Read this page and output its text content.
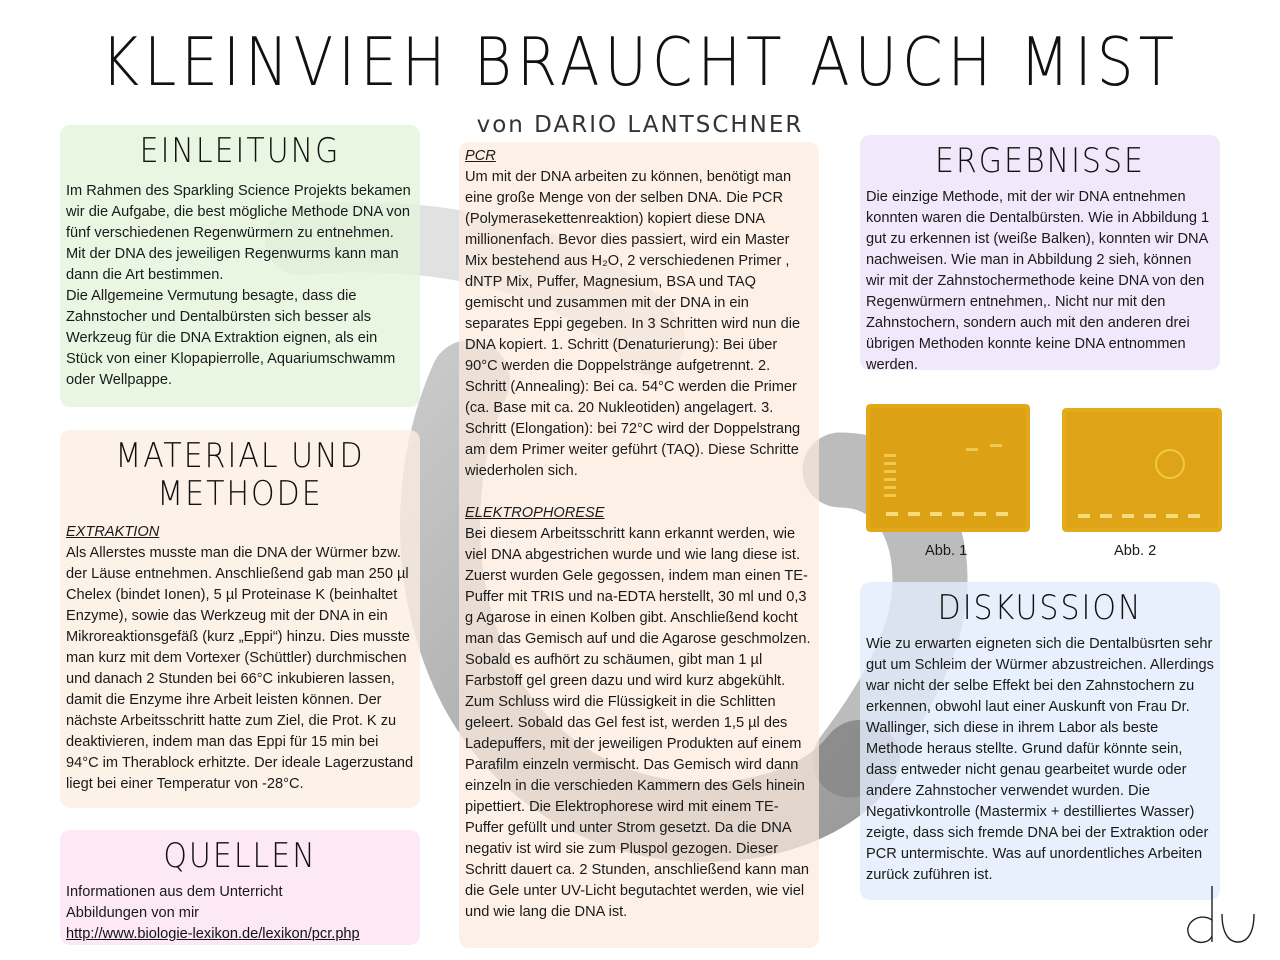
KLEINVIEH BRAUCHT AUCH MIST
von DARIO LANTSCHNER
EINLEITUNG
Im Rahmen des Sparkling Science Projekts bekamen wir die Aufgabe, die best mögliche Methode DNA von fünf verschiedenen Regenwürmern zu entnehmen. Mit der DNA des jeweiligen Regenwurms kann man dann die Art bestimmen.
Die Allgemeine Vermutung besagte, dass die Zahnstocher und Dentalbürsten sich besser als Werkzeug für die DNA Extraktion eignen, als ein Stück von einer Klopapierrolle, Aquariumschwamm oder Wellpappe.
MATERIAL UND
METHODE
EXTRAKTION
Als Allerstes musste man die DNA der Würmer bzw. der Läuse entnehmen. Anschließend gab man 250 µl Chelex (bindet Ionen), 5 µl Proteinase K (beinhaltet Enzyme), sowie das Werkzeug mit der DNA in ein Mikroreaktionsgefäß (kurz „Eppi“) hinzu. Dies musste man kurz mit dem Vortexer (Schüttler) durchmischen und danach 2 Stunden bei 66°C inkubieren lassen, damit die Enzyme ihre Arbeit leisten können. Der nächste Arbeitsschritt hatte zum Ziel, die Prot. K zu deaktivieren, indem man das Eppi für 15 min bei 94°C im Therablock erhitzte. Der ideale Lagerzustand liegt bei einer Temperatur von -28°C.
QUELLEN
Informationen aus dem Unterricht
Abbildungen von mir
http://www.biologie-lexikon.de/lexikon/pcr.php
PCR
Um mit der DNA arbeiten zu können, benötigt man eine große Menge von der selben DNA. Die PCR (Polymerasekettenreaktion) kopiert diese DNA millionenfach. Bevor dies passiert, wird ein Master Mix bestehend aus H₂O, 2 verschiedenen Primer , dNTP Mix, Puffer, Magnesium, BSA und TAQ gemischt und zusammen mit der DNA in ein separates Eppi gegeben. In 3 Schritten wird nun die DNA kopiert. 1. Schritt (Denaturierung): Bei über 90°C werden die Doppelstränge aufgetrennt. 2. Schritt (Annealing): Bei ca. 54°C werden die Primer (ca. Base mit ca. 20 Nukleotiden) angelagert. 3. Schritt (Elongation): bei 72°C wird der Doppelstrang am dem Primer weiter geführt (TAQ). Diese Schritte wiederholen sich.
ELEKTROPHORESE
Bei diesem Arbeitsschritt kann erkannt werden, wie viel DNA abgestrichen wurde und wie lang diese ist. Zuerst wurden Gele gegossen, indem man einen TE-Puffer mit TRIS und na-EDTA herstellt, 30 ml und 0,3 g Agarose in einen Kolben gibt. Anschließend kocht man das Gemisch auf und die Agarose geschmolzen. Sobald es aufhört zu schäumen, gibt man 1 µl Farbstoff gel green dazu und wird kurz abgekühlt. Zum Schluss wird die Flüssigkeit in die Schlitten geleert. Sobald das Gel fest ist, werden 1,5 µl des Ladepuffers, mit der jeweiligen Produkten auf einem Parafilm einzeln vermischt. Das Gemisch wird dann einzeln in die verschieden Kammern des Gels hinein pipettiert. Die Elektrophorese wird mit einem TE-Puffer gefüllt und unter Strom gesetzt. Da die DNA negativ ist wird sie zum Pluspol gezogen. Dieser Schritt dauert ca. 2 Stunden, anschließend kann man die Gele unter UV-Licht begutachtet werden, wie viel und wie lang die DNA ist.
ERGEBNISSE
Die einzige Methode, mit der wir DNA entnehmen konnten waren die Dentalbürsten. Wie in Abbildung 1 gut zu erkennen ist (weiße Balken), konnten wir DNA nachweisen. Wie man in Abbildung 2 sieh, können wir mit der Zahnstochermethode keine DNA von den Regenwürmern entnehmen,. Nicht nur mit den Zahnstochern, sondern auch mit den anderen drei übrigen Methoden konnte keine DNA entnommen werden.
Abb. 1	Abb. 2
DISKUSSION
Wie zu erwarten eigneten sich die Dentalbüsrten sehr gut um Schleim der Würmer abzustreichen. Allerdings war nicht der selbe Effekt bei den Zahnstochern zu erkennen, obwohl laut einer Auskunft von Frau Dr. Wallinger, sich diese in ihrem Labor als beste Methode heraus stellte. Grund dafür könnte sein, dass entweder nicht genau gearbeitet wurde oder andere Zahnstocher verwendet wurden. Die Negativkontrolle (Mastermix + destilliertes Wasser) zeigte, dass sich fremde DNA bei der Extraktion oder PCR untermischte. Was auf unordentliches Arbeiten zurück zuführen ist.
